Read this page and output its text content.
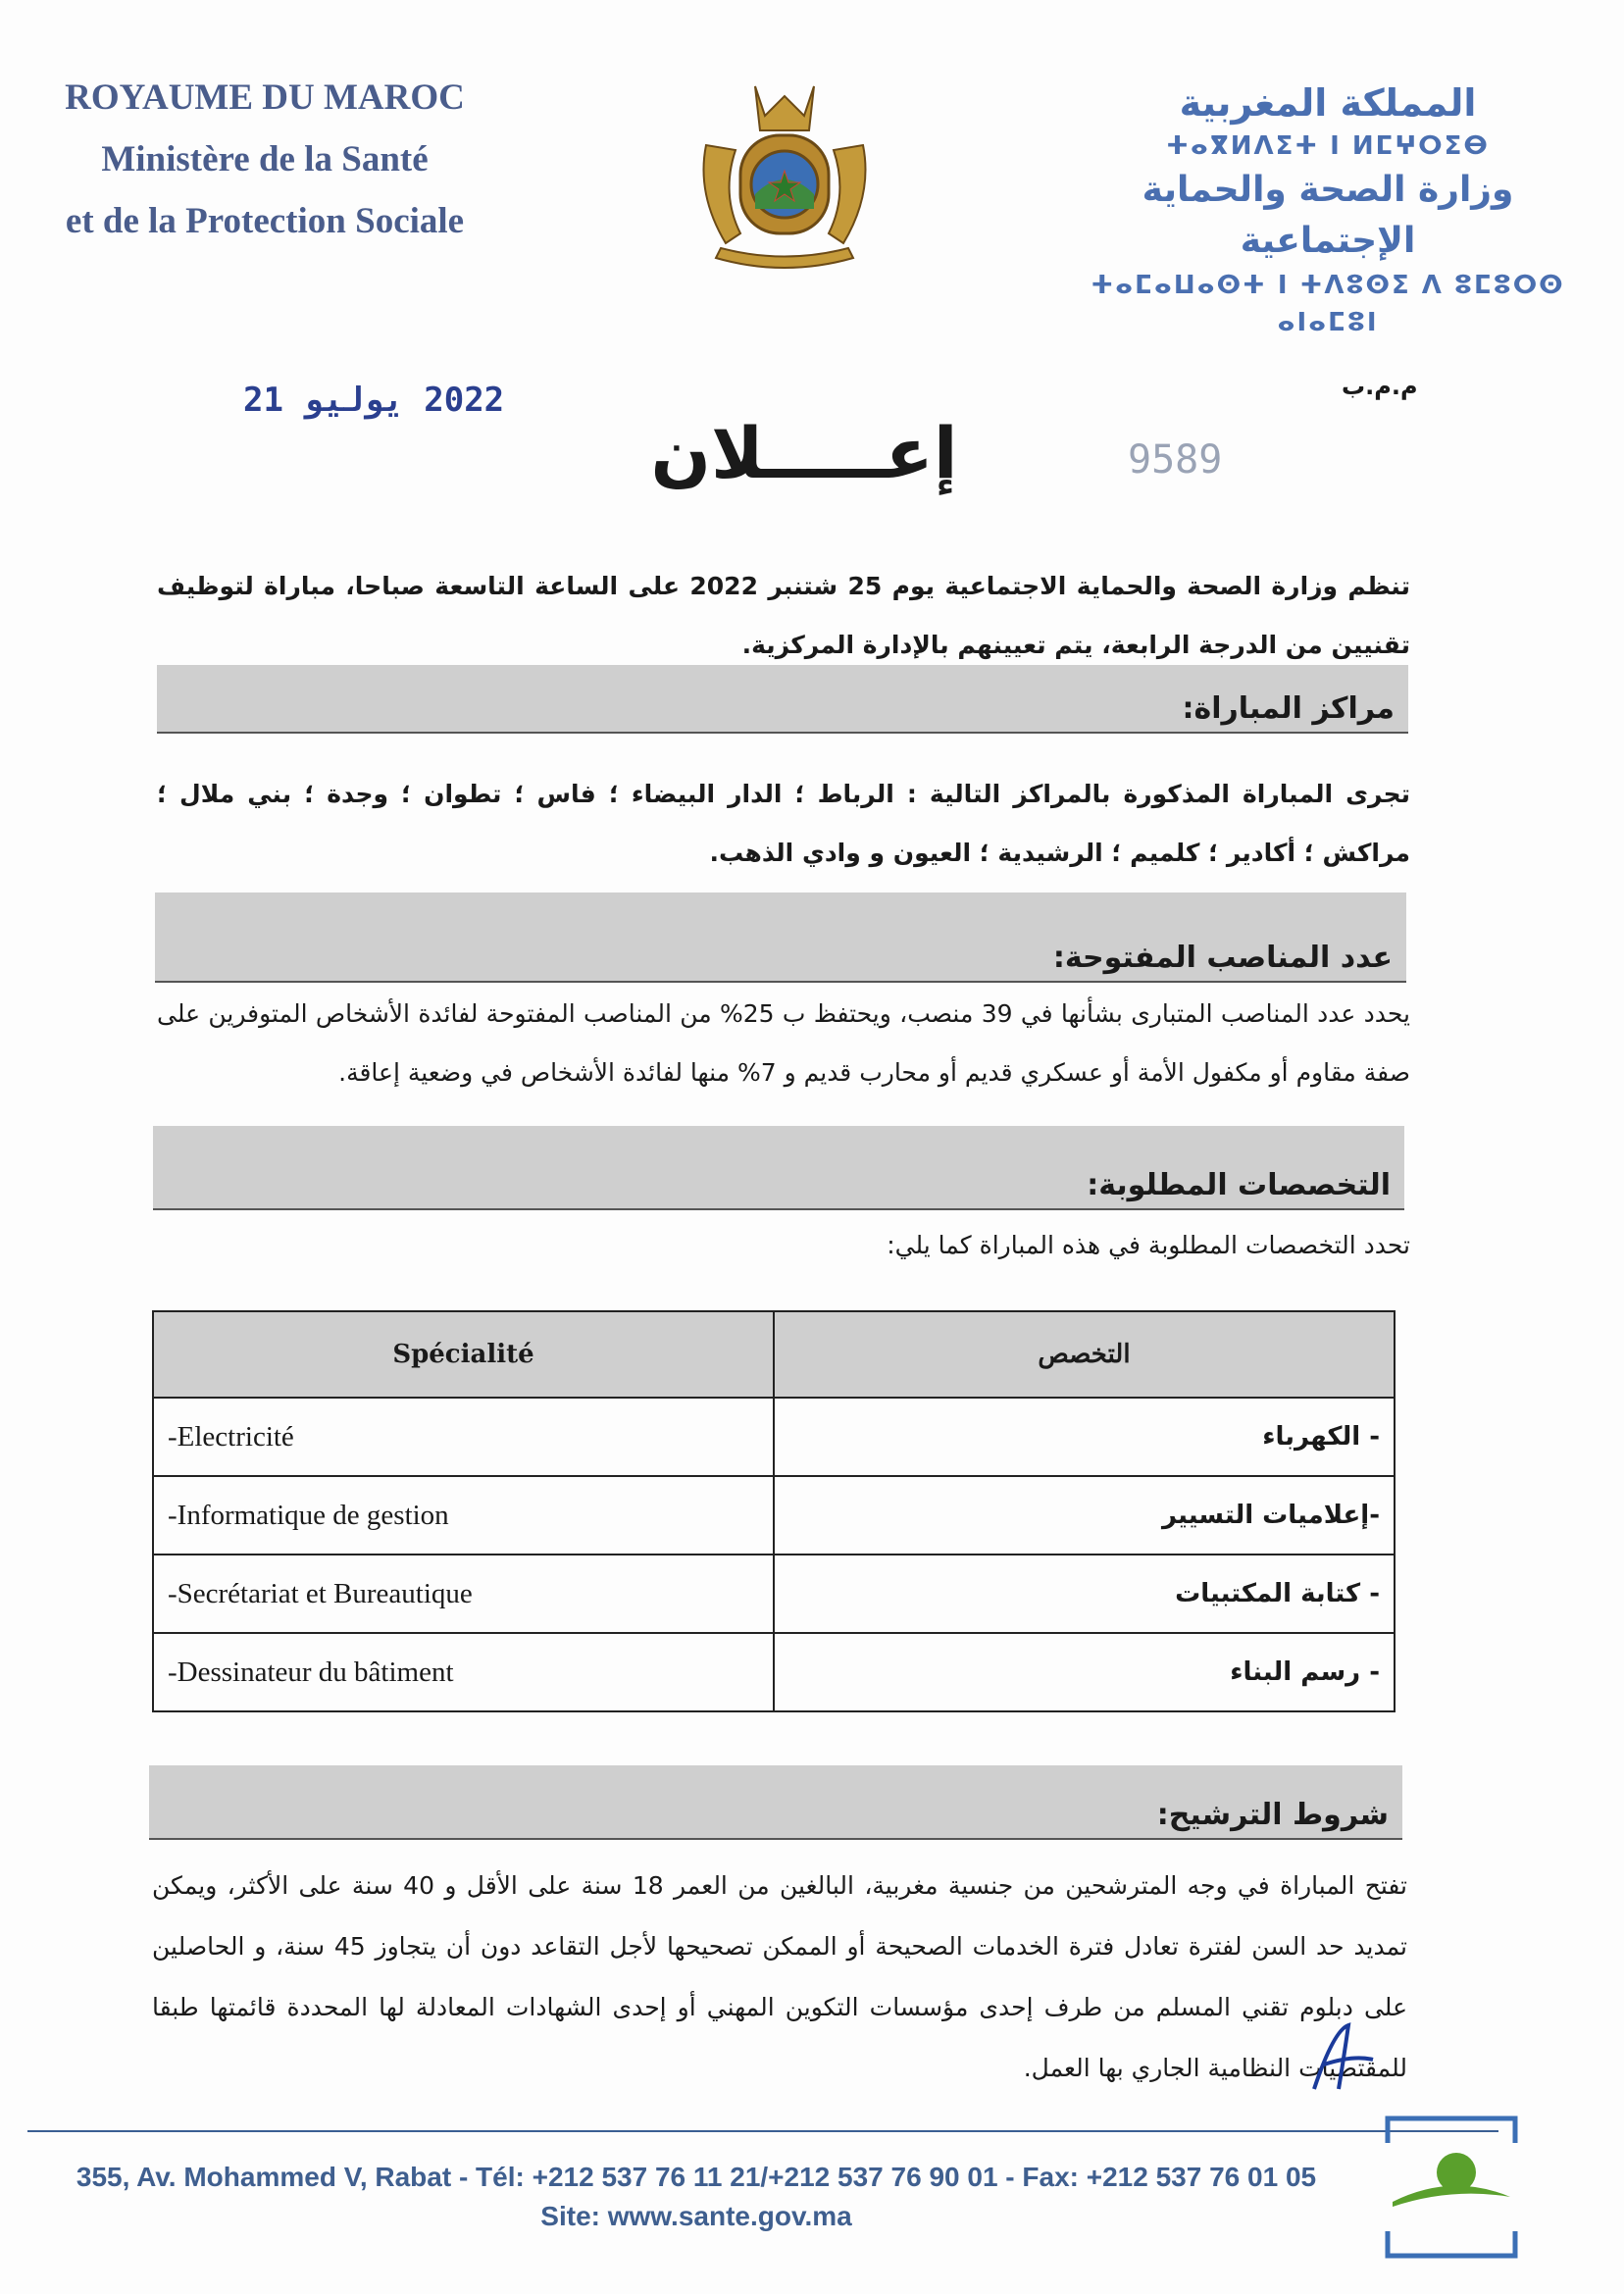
ROYAUME DU MAROC
Ministère de la Santé
et de la Protection Sociale
المملكة المغربية
ⵜⴰⴳⵍⴷⵉⵜ ⵏ ⵍⵎⵖⵔⵉⴱ
وزارة الصحة والحماية الإجتماعية
ⵜⴰⵎⴰⵡⴰⵙⵜ ⵏ ⵜⴷⵓⵙⵉ ⴷ ⵓⵎⵓⵔⵙ ⴰⵏⴰⵎⵓⵏ
2022 يوليو 21	م.م.ب
9589
إعـــــلان
تنظم وزارة الصحة والحماية الاجتماعية يوم 25 شتنبر 2022 على الساعة التاسعة صباحا، مباراة لتوظيف تقنيين من الدرجة الرابعة، يتم تعيينهم بالإدارة المركزية.
مراكز المباراة:
تجرى المباراة المذكورة بالمراكز التالية : الرباط ؛ الدار البيضاء ؛ فاس ؛ تطوان ؛ وجدة ؛ بني ملال ؛ مراكش ؛ أكادير ؛ كلميم ؛ الرشيدية ؛ العيون و وادي الذهب.
عدد المناصب المفتوحة:
يحدد عدد المناصب المتبارى بشأنها في 39 منصب، ويحتفظ ب 25% من المناصب المفتوحة لفائدة الأشخاص المتوفرين على صفة مقاوم أو مكفول الأمة أو عسكري قديم أو محارب قديم و 7% منها لفائدة الأشخاص في وضعية إعاقة.
التخصصات المطلوبة:
تحدد التخصصات المطلوبة في هذه المباراة كما يلي:
Spécialité	التخصص
-Electricité	- الكهرباء
-Informatique de gestion	-إعلاميات التسيير
-Secrétariat et Bureautique	- كتابة المكتبيات
-Dessinateur du bâtiment	- رسم البناء
شروط الترشيح:
تفتح المباراة في وجه المترشحين من جنسية مغربية، البالغين من العمر 18 سنة على الأقل و 40 سنة على الأكثر، ويمكن تمديد حد السن لفترة تعادل فترة الخدمات الصحيحة أو الممكن تصحيحها لأجل التقاعد دون أن يتجاوز 45 سنة، و الحاصلين على دبلوم تقني المسلم من طرف إحدى مؤسسات التكوين المهني أو إحدى الشهادات المعادلة لها المحددة قائمتها طبقا للمقتضيات النظامية الجاري بها العمل.
355, Av. Mohammed V, Rabat - Tél: +212 537 76 11 21/+212 537 76 90 01 - Fax: +212 537 76 01 05
Site: www.sante.gov.ma
